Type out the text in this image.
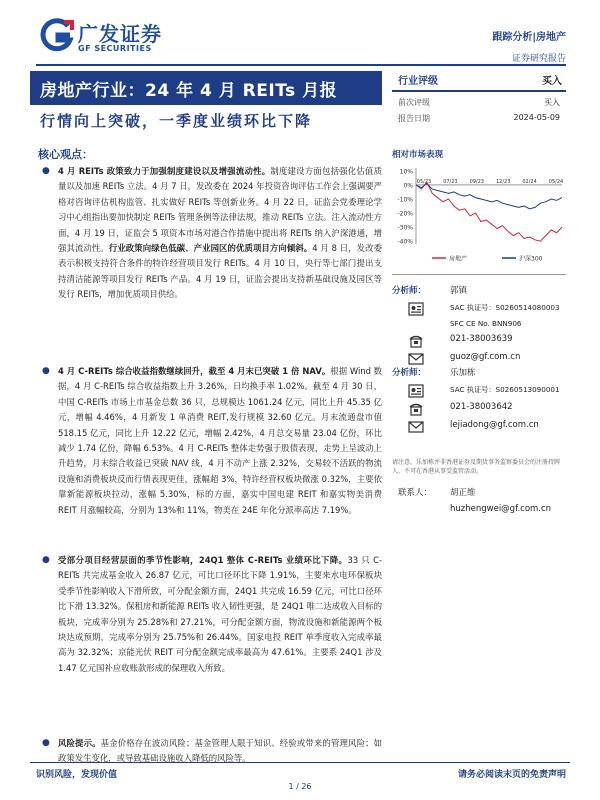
广发证券
GF SECURITIES
跟踪分析|房地产
证券研究报告
房地产行业：24 年 4 月 REITs 月报
行情向上突破，一季度业绩环比下降
核心观点：
● 4 月 REITs 政策致力于加强制度建设以及增强流动性。制度建设方面包括强化估值质量以及加速 REITs 立法。4 月 7 日，发改委在 2024 年投资咨询评估工作会上强调要严格对咨询评估机构监管、扎实做好 REITs 等创新业务。4 月 22 日，证监会党委理论学习中心组指出要加快制定 REITs 管理条例等法律法规，推动 REITs 立法。注入流动性方面，4 月 19 日，证监会 5 项资本市场对港合作措施中提出将 REITs 纳入沪深港通，增强其流动性。行业政策向绿色低碳、产业园区的优质项目方向倾斜。4 月 8 日，发改委表示积极支持符合条件的特许经营项目发行 REITs。4 月 10 日，央行等七部门提出支持清洁能源等项目发行 REITs 产品。4 月 19 日，证监会提出支持新基础设施及园区等发行 REITs，增加优质项目供给。
● 4 月 C-REITs 综合收益指数继续回升，截至 4 月末已突破 1 倍 NAV。根据 Wind 数据，4 月 C-REITs 综合收益指数上升 3.26%，日均换手率 1.02%。截至 4 月 30 日，中国 C-REITs 市场上市基金总数 36 只，总规模达 1061.24 亿元，同比上升 45.35 亿元，增幅 4.46%，4 月新发 1 单消费 REIT,发行规模 32.60 亿元。月末流通盘市值 518.15 亿元，同比上升 12.22 亿元，增幅 2.42%，4 月总交易量 23.04 亿份，环比减少 1.74 亿份，降幅 6.53%。4 月 C-REITs 整体走势强于股债表现，走势上呈波动上升趋势，月末综合收益已突破 NAV 线，4 月不动产上涨 2.32%，交易较不活跃的物流设施和消费板块反而行情表现更佳，涨幅超 3%，特许经营权板块微涨 0.32%，主要依靠新能源板块拉动，涨幅 5.30%，标的方面，嘉实中国电建 REIT 和嘉实物美消费 REIT 月涨幅较高，分别为 13%和 11%，物美在 24E 年化分派率高达 7.19%。
● 受部分项目经营层面的季节性影响，24Q1 整体 C-REITs 业绩环比下降。33 只 C-REITs 共完成基金收入 26.87 亿元，可比口径环比下降 1.91%，主要来水电环保板块受季节性影响收入下滑所致，可分配金额方面，24Q1 共完成 16.59 亿元，可比口径环比下滑 13.32%。保租房和新能源 REITs 收入韧性更强，是 24Q1 唯二达成收入目标的板块，完成率分别为 25.28%和 27.21%，可分配金额方面，物流设施和新能源两个板块达成预期，完成率分别为 25.75%和 26.44%。国家电投 REIT 单季度收入完成率最高为 32.32%；京能光伏 REIT 可分配金额完成率最高为 47.61%。主要系 24Q1 涉及 1.47 亿元国补应收账款形成的保理收入所致。
● 风险提示。基金价格存在波动风险；基金管理人限于知识、经验或带来的管理风险；如政策发生变化，或导致基础设施收入降低的风险等。
行业评级	买入
前次评级	买入
报告日期	2024-05-09
相对市场表现
10%
0%
-10%
-20%
-30%
-40%
05/23 07/23 09/23 12/23 02/24 05/24
房地产	沪深300
分析师：	郭镇
SAC 执证号：S0260514080003
SFC CE No. BNN906
021-38003639
guoz@gf.com.cn
分析师：	乐加栋
SAC 执证号：S0260513090001
021-38003642
lejiadong@gf.com.cn
请注意，乐加栋并非香港证券及期货事务监察委员会的注册持牌人，不可在香港从事受监管活动。
联系人： 胡正维
huzhengwei@gf.com.cn
识别风险，发现价值	请务必阅读末页的免责声明
1 / 26
